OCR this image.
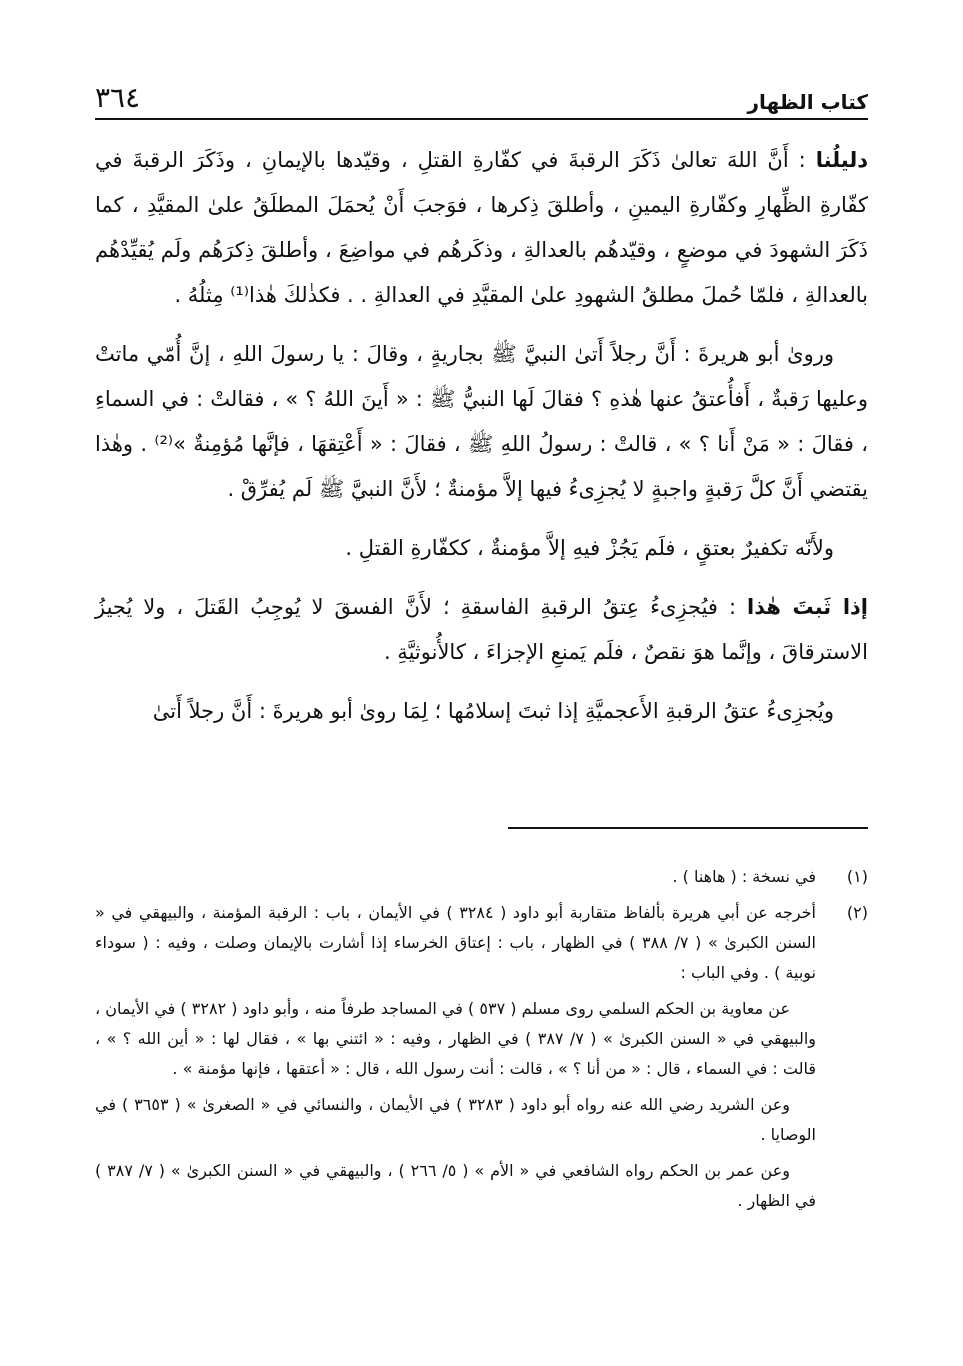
٣٦٤	كتاب الظهار

دليلُنا : أَنَّ اللهَ تعالىٰ ذَكَرَ الرقبةَ في كفّارةِ القتلِ ، وقيّدها بالإيمانِ ، وذَكَرَ الرقبةَ في كفّارةِ الظِّهارِ وكفّارةِ اليمينِ ، وأطلقَ ذِكرها ، فوَجبَ أَنْ يُحمَلَ المطلَقُ علىٰ المقيَّدِ ، كما ذَكَرَ الشهودَ في موضعٍ ، وقيّدهُم بالعدالةِ ، وذكَرهُم في مواضِعَ ، وأطلقَ ذِكرَهُم ولَم يُقيِّدْهُم بالعدالةِ ، فلمّا حُملَ مطلقُ الشهودِ علىٰ المقيَّدِ في العدالةِ . . فكذٰلكَ هٰذا⁽¹⁾ مِثلُهُ .

ورویٰ أبو هريرةَ : أَنَّ رجلاً أَتىٰ النبيَّ ﷺ بجاريةٍ ، وقالَ : يا رسولَ اللهِ ، إنَّ أُمّي ماتتْ وعليها رَقبةٌ ، أَفأُعتقُ عنها هٰذهِ ؟ فقالَ لَها النبيُّ ﷺ : « أَينَ اللهُ ؟ » ، فقالتْ : في السماءِ ، فقالَ : « مَنْ أَنا ؟ » ، قالتْ : رسولُ اللهِ ﷺ ، فقالَ : « أَعْتِقهَا ، فإنَّها مُؤمِنةٌ »⁽²⁾ . وهٰذا يقتضي أَنَّ كلَّ رَقبةٍ واجبةٍ لا يُجزِىءُ فيها إلاَّ مؤمنةٌ ؛ لأَنَّ النبيَّ ﷺ لَم يُفرِّقْ .

ولأَنّه تكفيرٌ بعتقٍ ، فلَم يَجُزْ فيهِ إلاَّ مؤمنةٌ ، ككفّارةِ القتلِ .

إذا ثَبتَ هٰذا : فيُجزِىءُ عِتقُ الرقبةِ الفاسقةِ ؛ لأَنَّ الفسقَ لا يُوجِبُ القَتلَ ، ولا يُجيزُ الاسترقاقَ ، وإنَّما هوَ نقصٌ ، فلَم يَمنعِ الإجزاءَ ، كالأُنوثيَّةِ .

ويُجزِىءُ عتقُ الرقبةِ الأَعجميَّةِ إذا ثبتَ إسلامُها ؛ لِمَا رویٰ أبو هريرةَ : أَنَّ رجلاً أَتىٰ

(١)

في نسخة : ( هاهنا ) .

(٢)

أخرجه عن أبي هريرة بألفاظ متقاربة أبو داود ( ٣٢٨٤ ) في الأيمان ، باب : الرقبة المؤمنة ، والبيهقي في « السنن الكبرىٰ » ( ٧/ ٣٨٨ ) في الظهار ، باب : إعتاق الخرساء إذا أشارت بالإيمان وصلت ، وفيه : ( سوداء نوبية ) . وفي الباب :

عن معاوية بن الحكم السلمي روى مسلم ( ٥٣٧ ) في المساجد طرفاً منه ، وأبو داود ( ٣٢٨٢ ) في الأيمان ، والبيهقي في « السنن الكبرىٰ » ( ٧/ ٣٨٧ ) في الظهار ، وفيه : « ائتني بها » ، فقال لها : « أين الله ؟ » ، قالت : في السماء ، قال : « من أنا ؟ » ، قالت : أنت رسول الله ، قال : « أعتقها ، فإنها مؤمنة » .

وعن الشريد رضي الله عنه رواه أبو داود ( ٣٢٨٣ ) في الأيمان ، والنسائي في « الصغرىٰ » ( ٣٦٥٣ ) في الوصايا .

وعن عمر بن الحكم رواه الشافعي في « الأم » ( ٥/ ٢٦٦ ) ، والبيهقي في « السنن الكبرىٰ » ( ٧/ ٣٨٧ ) في الظهار .
